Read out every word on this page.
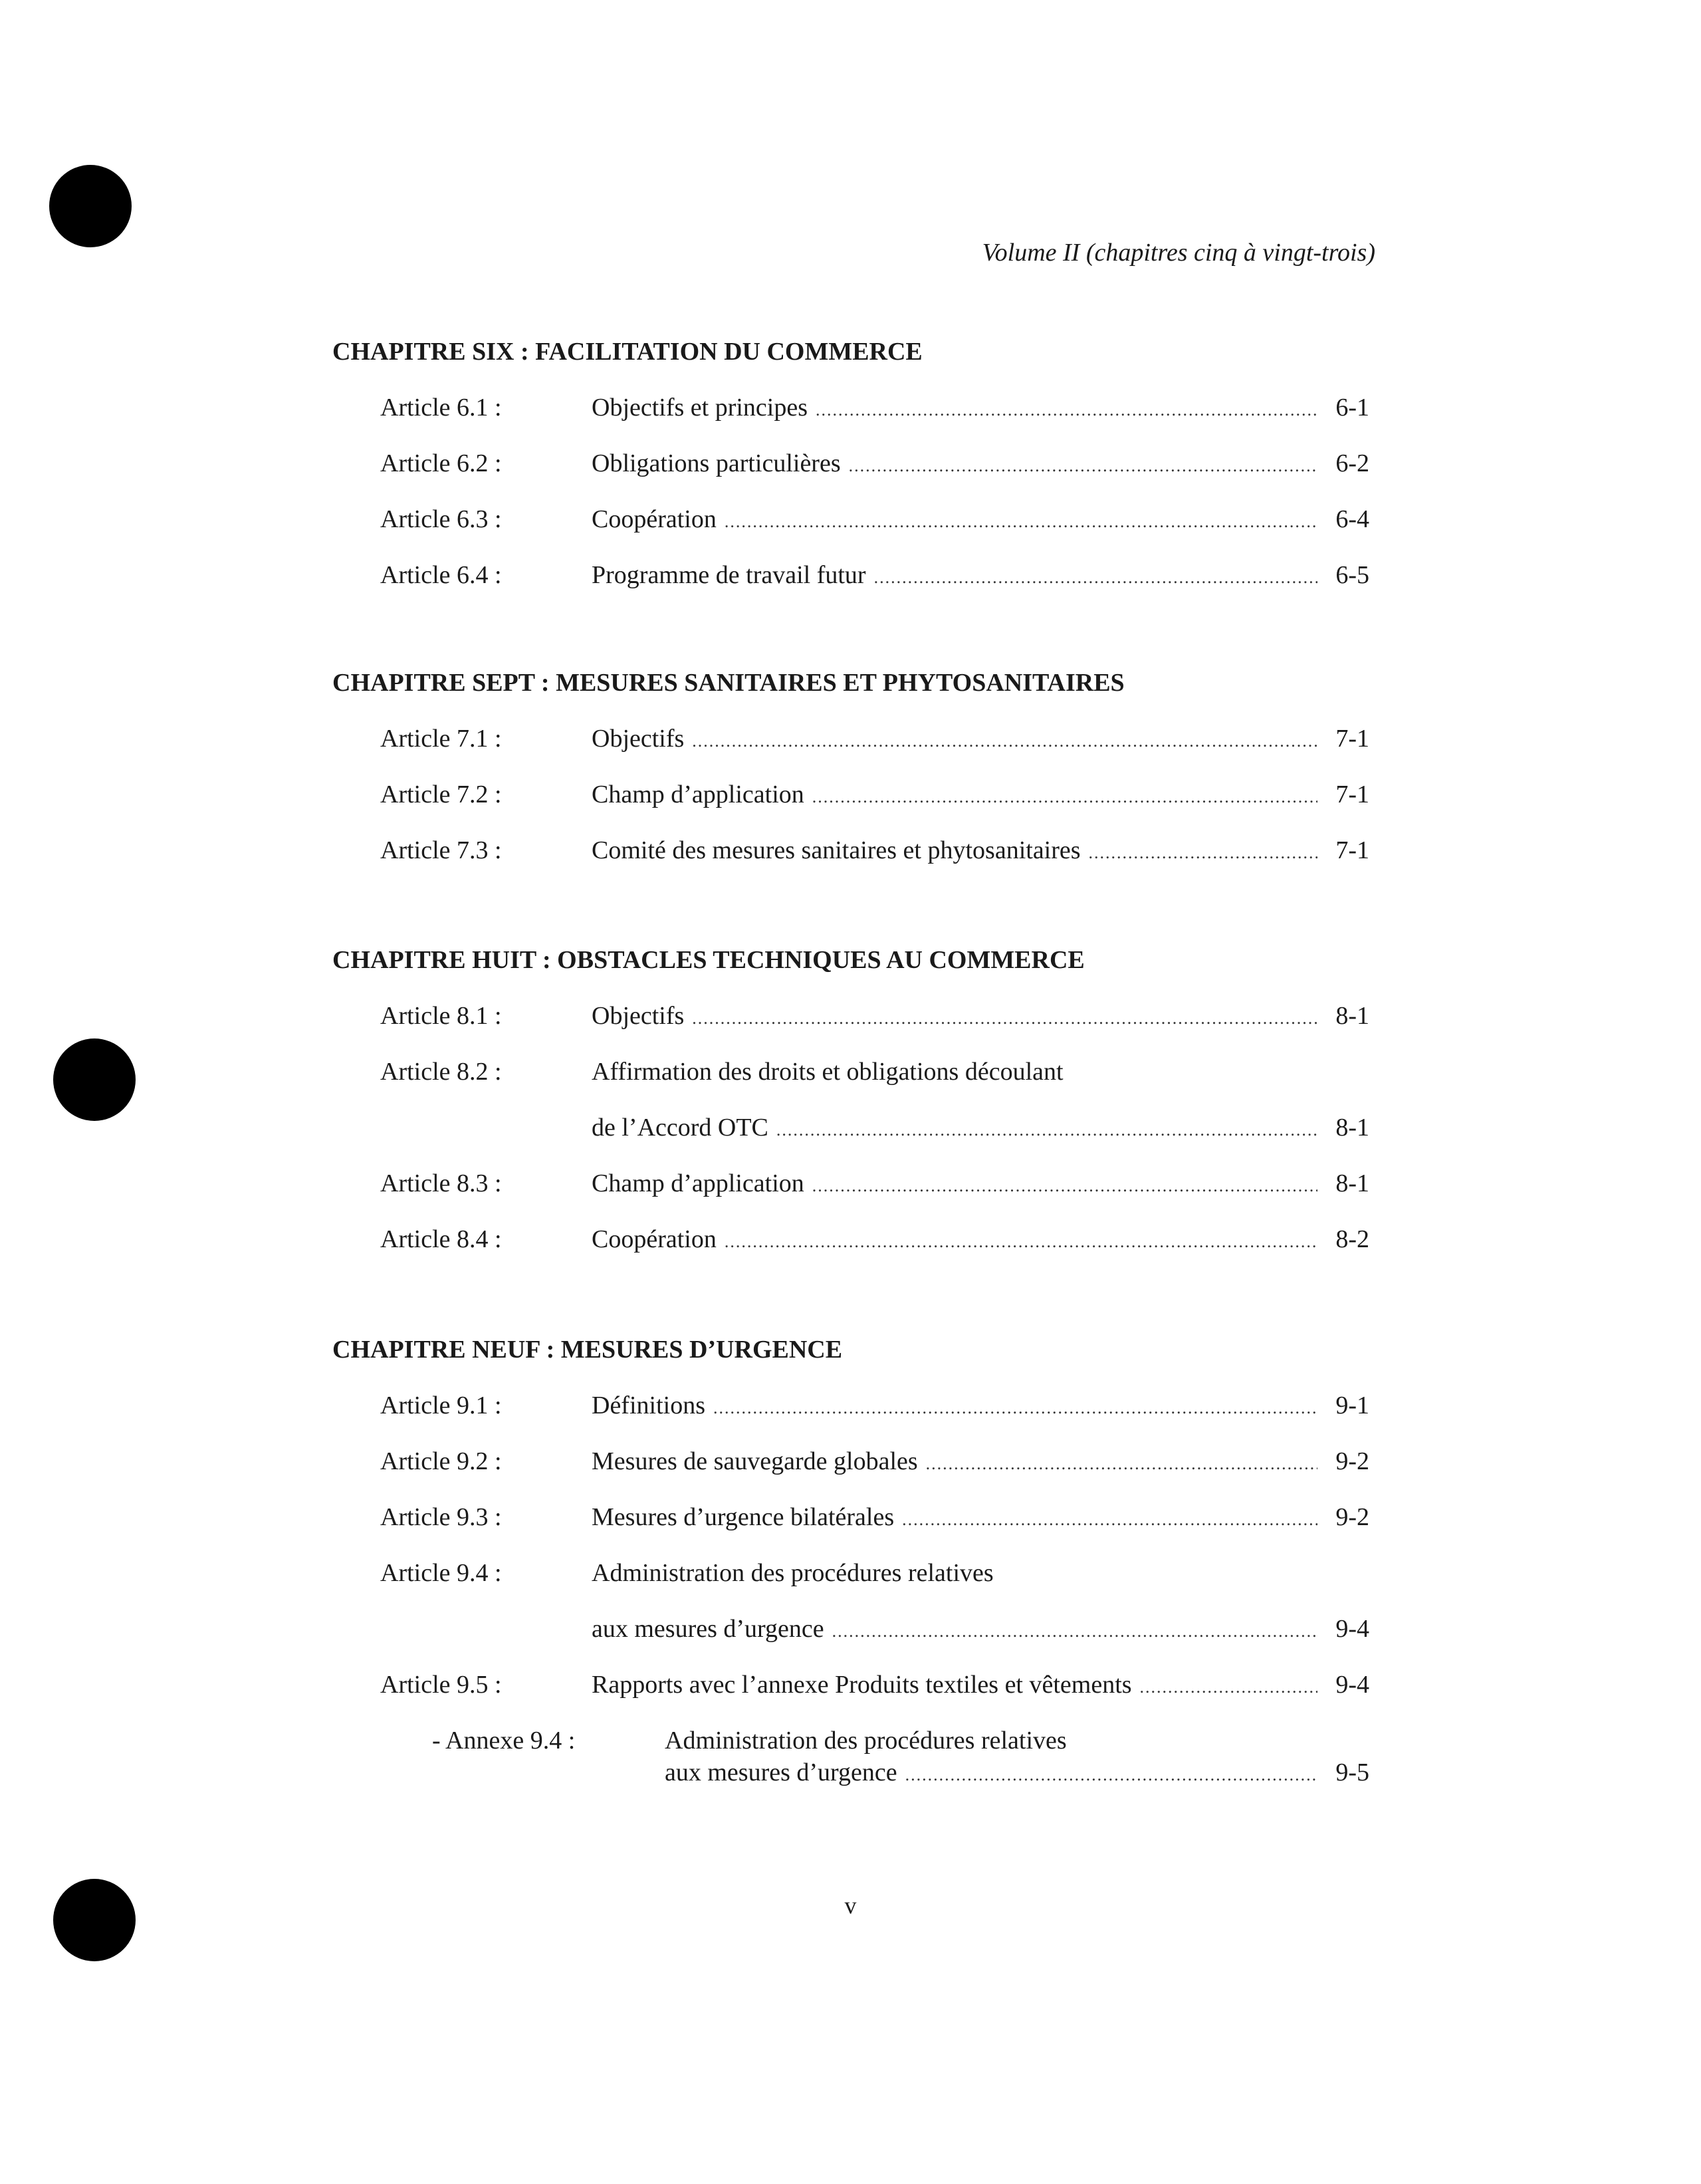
Volume II (chapitres cinq à vingt-trois)
CHAPITRE SIX : FACILITATION DU COMMERCE
Article 6.1 :	Objectifs et principes .....	6-1
Article 6.2 :	Obligations particulières .....	6-2
Article 6.3 :	Coopération .....	6-4
Article 6.4 :	Programme de travail futur .....	6-5
CHAPITRE SEPT : MESURES SANITAIRES ET PHYTOSANITAIRES
Article 7.1 :	Objectifs .....	7-1
Article 7.2 :	Champ d’application .....	7-1
Article 7.3 :	Comité des mesures sanitaires et phytosanitaires .....	7-1
CHAPITRE HUIT : OBSTACLES TECHNIQUES AU COMMERCE
Article 8.1 :	Objectifs .....	8-1
Article 8.2 :	Affirmation des droits et obligations découlant
de l’Accord OTC .....	8-1
Article 8.3 :	Champ d’application .....	8-1
Article 8.4 :	Coopération .....	8-2
CHAPITRE NEUF : MESURES D’URGENCE
Article 9.1 :	Définitions .....	9-1
Article 9.2 :	Mesures de sauvegarde globales .....	9-2
Article 9.3 :	Mesures d’urgence bilatérales .....	9-2
Article 9.4 :	Administration des procédures relatives
aux mesures d’urgence .....	9-4
Article 9.5 :	Rapports avec l’annexe Produits textiles et vêtements .....	9-4
- Annexe 9.4 :	Administration des procédures relatives
aux mesures d’urgence .....	9-5
v
